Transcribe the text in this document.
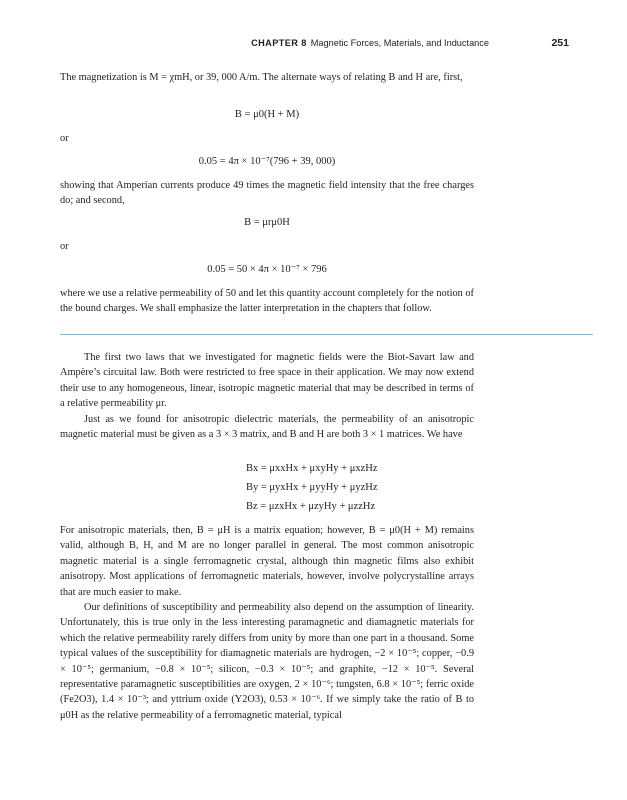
CHAPTER 8 Magnetic Forces, Materials, and Inductance	251

The magnetization is M = χmH, or 39, 000 A/m. The alternate ways of relating B and H are, first,

B = μ0(H + M)
or
0.05 = 4π × 10⁻⁷(796 + 39, 000)

showing that Amperian currents produce 49 times the magnetic field intensity that the free charges do; and second,

B = μrμ0H
or
0.05 = 50 × 4π × 10⁻⁷ × 796

where we use a relative permeability of 50 and let this quantity account completely for the notion of the bound charges. We shall emphasize the latter interpretation in the chapters that follow.

The first two laws that we investigated for magnetic fields were the Biot-Savart law and Ampère’s circuital law. Both were restricted to free space in their application. We may now extend their use to any homogeneous, linear, isotropic magnetic material that may be described in terms of a relative permeability μr.

Just as we found for anisotropic dielectric materials, the permeability of an anisotropic magnetic material must be given as a 3 × 3 matrix, and B and H are both 3 × 1 matrices. We have

Bx = μxxHx + μxyHy + μxzHz
By = μyxHx + μyyHy + μyzHz
Bz = μzxHx + μzyHy + μzzHz

For anisotropic materials, then, B = μH is a matrix equation; however, B = μ0(H + M) remains valid, although B, H, and M are no longer parallel in general. The most common anisotropic magnetic material is a single ferromagnetic crystal, although thin magnetic films also exhibit anisotropy. Most applications of ferromagnetic materials, however, involve polycrystalline arrays that are much easier to make.

Our definitions of susceptibility and permeability also depend on the assumption of linearity. Unfortunately, this is true only in the less interesting paramagnetic and diamagnetic materials for which the relative permeability rarely differs from unity by more than one part in a thousand. Some typical values of the susceptibility for diamagnetic materials are hydrogen, −2 × 10⁻⁵; copper, −0.9 × 10⁻⁵; germanium, −0.8 × 10⁻⁵; silicon, −0.3 × 10⁻⁵; and graphite, −12 × 10⁻⁵. Several representative paramagnetic susceptibilities are oxygen, 2 × 10⁻⁶; tungsten, 6.8 × 10⁻⁵; ferric oxide (Fe2O3), 1.4 × 10⁻³; and yttrium oxide (Y2O3), 0.53 × 10⁻⁶. If we simply take the ratio of B to μ0H as the relative permeability of a ferromagnetic material, typical
